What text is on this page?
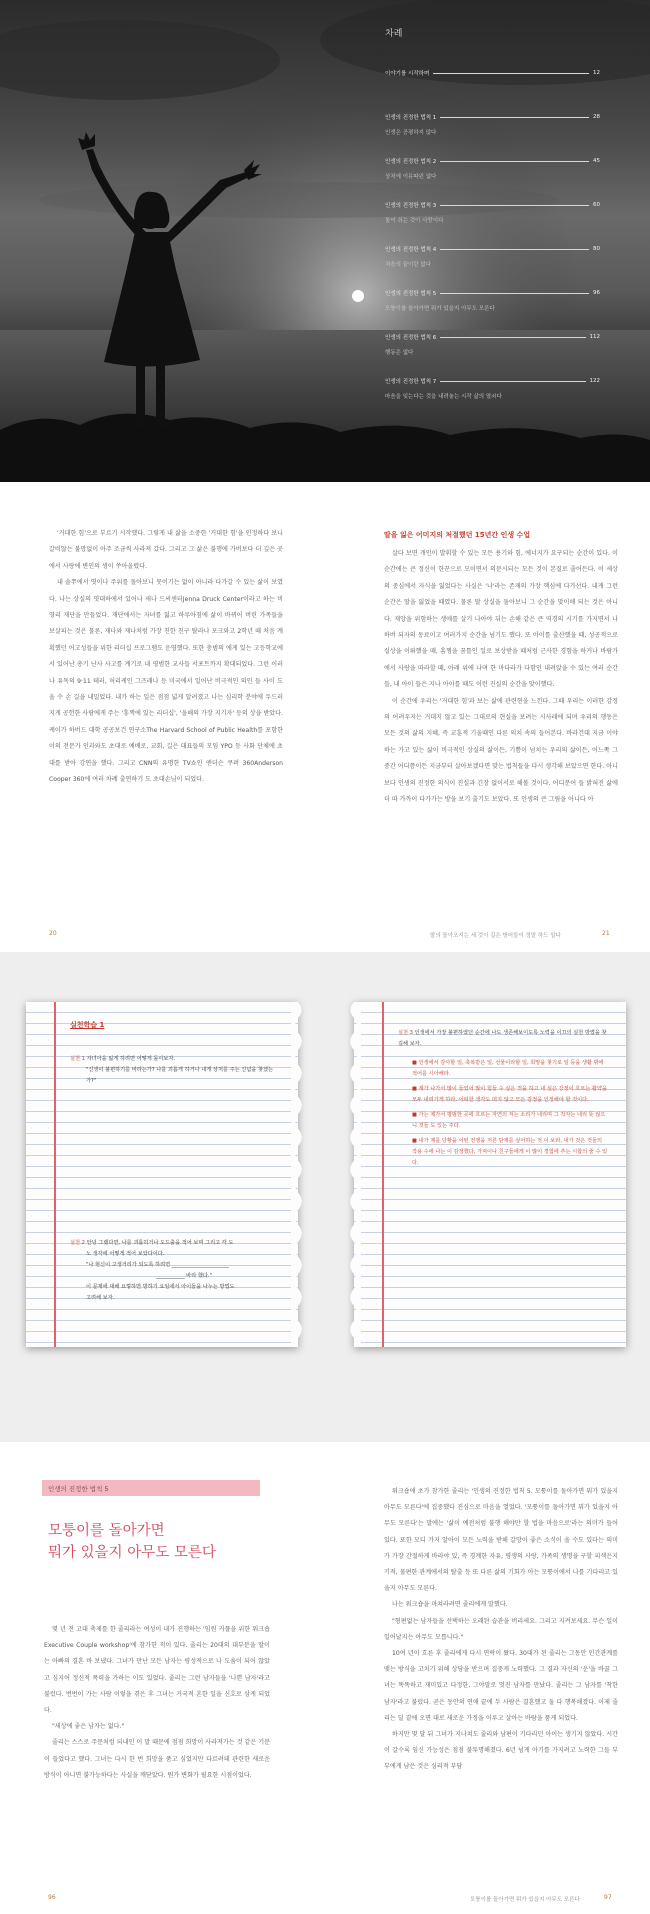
차례
이야기를 시작하며	12
인생의 진정한 법칙 1	28
인생은 공평하지 않다
인생의 진정한 법칙 2	45
상처에 이유따윈 없다
인생의 진정한 법칙 3	60
돌이 쉬는 것이 사랑이다
인생의 진정한 법칙 4	80
처음의 끝이란 없다
인생의 진정한 법칙 5	96
모퉁이를 돌아가면 뭐가 있을지 아무도 모른다
인생의 진정한 법칙 6	112
행동은 없다
인생의 진정한 법칙 7	122
마음을 잊는다는 것을 내려놓는 시작 삶의 열쇠다

'거대한 힘'으로 부르기 시작했다. 그렇게 내 삶을 소중한 '거대한 힘'을 인정하다 보니 갈비않는 불망없이 아주 조금씩 사라져 갔다. 그리고 그 삶은 불행에 가버보다 더 깊은 곳에서 사랑에 변인의 생이 쑤아올렸다.

내 솔쭈에서 엿이나 주위를 돌아보니 뭇이기는 없이 아니라 다가갈 수 있는 삶이 보였다. 나는 상실의 엿대하에서 있어나 새나 드씨센터Jenna Druck Center이라고 하는 비영리 재단을 만들었다. 재단에서는 자녀를 잃고 하루아침에 삶이 바뀌어 버린 가족들을 보살피는 것은 물론, 재나와 재나처럼 가장 친한 친구 탈라나 포크와고 2학년 때 처음 계획했던 어고성들을 위한 리더십 프로그램도 운영했다. 또한 충범의 에게 있는 고등학교에서 있어난 총기 난사 사고를 계기로 내 평범한 교사들 서포트까지 확대되었다. 그런 이러나 유독의 9·11 테러, 허리케인 그즈래나 등 미국에서 일어난 비극적인 의인 들 사이 도울 수 손 길을 내밀었다. 내가 하는 일은 점점 넓게 알려졌고 나는 심리학 분야에 두드러지게 공헌한 사람에게 주는 '흥쩍에 있는 리더십', '올해의 가장 지기자' 등의 상을 받았다. 케이가 하버드 대학 공공보건 연구소The Harvard School of Public Health를 포함한 이의 전문가 인과와도 초대로 예배로, 교회, 길은 대표들의 모임 YPO 등 사화 단체에 초대를 받아 강연을 했다. 그리고 CNN의 유명한 TV쇼인 앤더슨 쿠퍼 360Anderson Cooper 360에 여러 차례 출연하기 도 초대손님이 되었다.

딸을 잃은 어미지의 처절했던 15년간 인생 수업

살다 보면 개인이 발휘할 수 있는 모든 용기와 힘, 에너지가 요구되는 순간이 있다. 이 순간에는 큰 정신이 한꾼으로 모이면서 의문시되는 모든 것이 본질로 줄어든다. 이 세상의 중심에서 자식을 잃었다는 사실은 '나'라는 존재의 가장 핵심에 다가선다. 내게 그런 순간은 딸을 잃었을 때였다. 물론 딸 상실을 돌아보니 그 순간을 맞이해 되는 것은 아니다. 재앙을 위험하는 생애를 살기 나아야 뒤는 손해 같은 큰 역경의 시기를 가지면서 나 하버 되자의 동료이고 여러가지 순간을 넘기도 했다. 또 아이를 출산했을 때, 성공적으로 실상을 이뤄했을 때, 흠쩡을 꿈틀인 일로 보상받을 때처럼 근사한 경험을 하거나 바람가에서 사랑을 따라할 때, 아래 위에 나며 한 마다라가 다함인 내려앉을 수 있는 여러 순간들, 내 아이 들은 지나 아이를 때도 이런 진실의 순간을 맞이했다.

이 순간에 우리는 '거대한 힘'과 보는 삶에 관련현을 느낀다. 그때 우리는 이러한 감정의 어려우지는 거대지 않고 있는 그대로의 현실을 보려는 시사래에 되며 우리의 행동은 모든 것의 삶의 지혜, 즉 교훈적 기울때인 다른 의치 속의 들어본다. 바라건대 지금 이야하는 가고 있는 삶이 비극적인 상실의 삶이든, 기쁨이 넘치는 우리의 삶이든, 어느쪽 그 중간 어디쯤이든 지금부터 살아보겠다면 맞는 법칙들을 다시 생각해 보았으면 한다. 아니 보다 인생의 진정한 의식이 진실과 긴장 없이서로 해볼 것이다. 어디문어 들 밝혀진 삶에 더 따 가까이 다가가는 방을 보기 출기도 보았다. 또 인생의 큰 그림을 아니다 아

20	딸의 돌아오지는 세 것이 길은 방어들이 정말 하드 일다	21
실천학습 1
실천 1 자녀아을 잃게 하려면 어떻게 돌이보자.
"신생이 불편하기를 바라는가? 나를 괴롭게 하거나 내게 상처를 주는 신념을 찾겠는가?"
실천 2 안녕 그랬다면, 나를 괴롭히거나 도드출을 적어 보며 그리고 각 도
노 생각에 어떻게 적어 보았다이다.
"나 현신이 고생거리가 되도록 하려면 ______________________
___________ 바라 했다."
이 문제에 대해 요렇하면 방하기 요임에서 아이들을 나누는 방법도
고려해 보자.
실천 3 인생에서 가장 불편하였던 순간에 나도 생존해보이도록 노력을 이끄의 실천 방법을 찾길해 보자.
■ 인생에서 감사할 일, 축복받은 일, 선물이라할 일, 희망을 찾기로 일 등을 생활 밖에 적어를 시아해라.
■ 계가 나가서 많이 들었어 많이 힘들 수 싶은 것을 하고 내 싶은 강정이 흐르는 활약을 모두 내려가게 하라. 어떠한 생각도 떠지 않고 모든 감정을 인정해야 할 것이다.
■ 가는 제가서 평범한 곳에 흐르는 자연의 저는 소리가 내리며 그 작자는 내리 뜻 않으니 것들 도 있는 주다.
■ 내가 제를 당황을 어떤 전쟁을 저른 단계를 싶어하는 것 이 보라, 내가 것은 것들의 작용 수에 나는 이 감정했다, 가져이나 친구들에게 이 많이 경험에 추는 시합의 줄 수 있다.
인생의 진정한 법칙 5
모퉁이를 돌아가면
뭐가 있을지 아무도 모른다

몇 년 전 고대 축제를 한 줄리라는 여성이 내가 진행하는 '임원 커플을 위한 워크숍Executive Couple workshop'에 참가한 적이 있다. 줄리는 20대의 대부분을 딸이는 아빠의 결혼 바 보냈다. 그녀가 만난 모든 남자는 평성적으로 나 도움이 되어 않았고 심지어 정신적 폭력을 가하는 이도 있었다. 줄리는 그런 남자들을 '나쁜 남자'라고 불렀다. 번번이 가는 사람 이렇을 겪은 후 그녀는 거국적 흔한 일을 신호로 삼게 되었다.

"세상에 좋은 남자는 없다."

줄리는 스스로 주문처럼 되내인 이 말 때문에 점점 희망이 사라져가는 것 같은 기분이 들었다고 했다. 그녀는 다시 한 번 희망을 품고 싶었지만 다르려데 관련한 새로운 방식이 아니면 불가능하다는 사실을 깨닫았다. 뭔가 변화가 필요한 시점이었다.

워크숍에 초가 참가한 줄리는 '인생의 진정한 법칙 5. 모퉁이를 돌아가면 뭐가 있을지 아무도 모른다'에 집중했다 진심으로 마음을 열었다. '모퉁이를 돌아가면 뭐가 있을지 아무도 모른다'는 말에는 '삶이 예전처럼 불행 해야만 할 법을 마음으로'라는 의미가 들어 있다. 또한 모디 가지 알아이 모든 노력을 받해 갈망이 좋은 소식이 올 수도 있다는 의미가 가장 간절하게 바라야 있, 즉 경계한 자유, 평생의 사랑, 가족의 생명을 구할 피색은지 기적, 물편한 관계에서의 탈출 등 또 다른 삶의 기회가 아는 모퉁이에서 나를 기다리고 있을지 아무도 모른다.

나는 워크숍을 마쳐라려면 줄리에게 말했다.

"형편없는 남자들을 선택하는 오래된 습관을 버리세요. 그리고 지켜보세요. 무슨 일이 일어날지는 아무도 모릅니다."

10여 년이 흐른 후 줄리에게 다시 연락이 왔다. 30대가 된 줄리는 그동안 인간관계를 맺는 방식을 고치기 위해 상당을 반으며 집중게 노력했다. 그 결과 자신의 '운'을 바꿀 그녀는 똑똑하고 재미있고 다정한, 그야말로 멋진 남자를 만났다. 줄리는 그 남자를 '착한 남자'라고 불렀다. 곧은 동안의 연애 끝에 두 사람은 결혼했고 둘 다 행복해졌다. 이제 줄리는 딜 곁에 오면 대로 새로운 가정을 이루고 살아는 바람을 품게 되었다.

하지만 몇 달 뒤 그녀가 지나쳐도 줄리와 남편이 기다리던 아이는 생기지 않았다. 시간이 갈수록 임신 가능성은 점점 불투명해졌다. 6년 넘게 아기를 가지려고 노력한 그들 부부에게 남은 것은 심리적 부담

96	모퉁이를 돌아가면 뭐가 있을지 아무도 모른다	97
